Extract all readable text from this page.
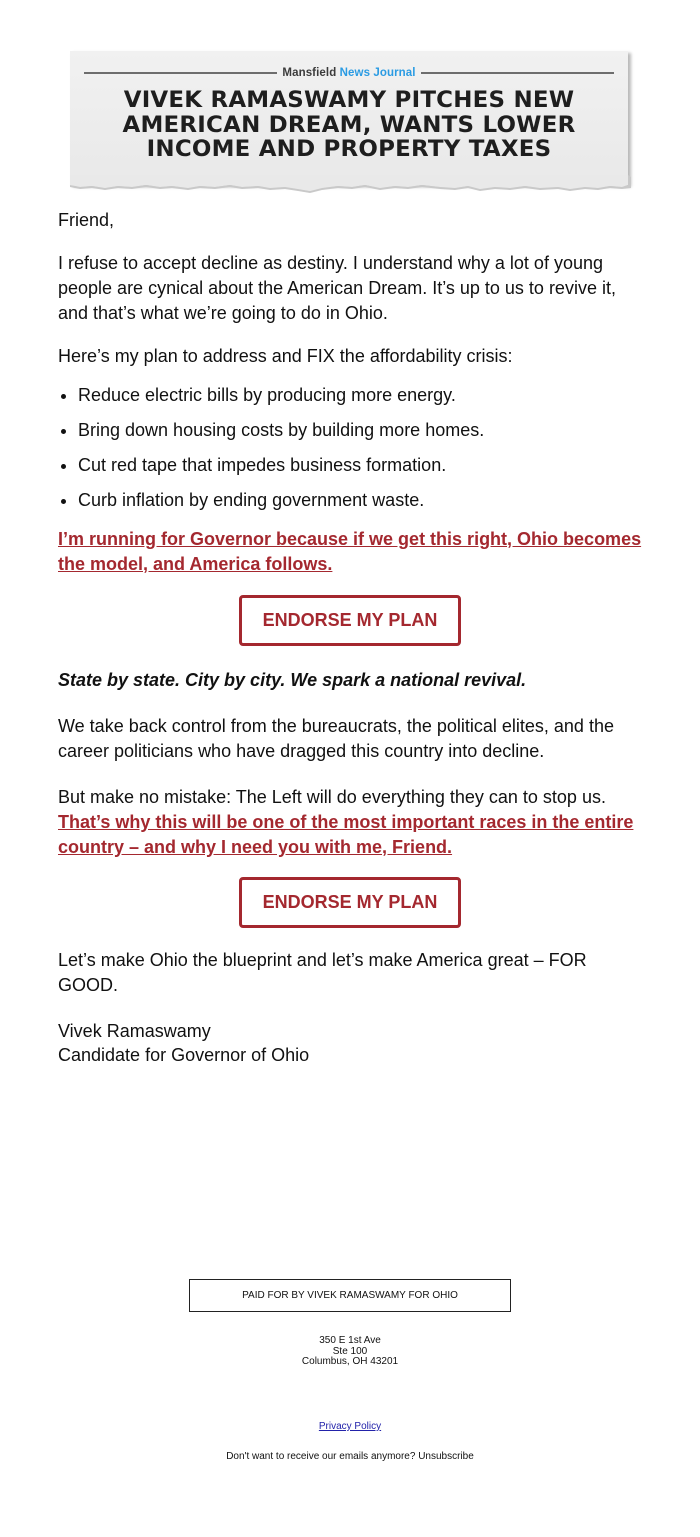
Mansfield News Journal
VIVEK RAMASWAMY PITCHES NEW
AMERICAN DREAM, WANTS LOWER
INCOME AND PROPERTY TAXES

Friend,

I refuse to accept decline as destiny. I understand why a lot of young people are cynical about the American Dream. It’s up to us to revive it, and that’s what we’re going to do in Ohio.

Here’s my plan to address and FIX the affordability crisis:

• Reduce electric bills by producing more energy.
• Bring down housing costs by building more homes.
• Cut red tape that impedes business formation.
• Curb inflation by ending government waste.

I’m running for Governor because if we get this right, Ohio becomes the model, and America follows.

ENDORSE MY PLAN

State by state. City by city. We spark a national revival.

We take back control from the bureaucrats, the political elites, and the career politicians who have dragged this country into decline.

But make no mistake: The Left will do everything they can to stop us. That’s why this will be one of the most important races in the entire country – and why I need you with me, Friend.

ENDORSE MY PLAN

Let’s make Ohio the blueprint and let’s make America great – FOR GOOD.

Vivek Ramaswamy
Candidate for Governor of Ohio

PAID FOR BY VIVEK RAMASWAMY FOR OHIO
350 E 1st Ave
Ste 100
Columbus, OH 43201
Privacy Policy
Don't want to receive our emails anymore? Unsubscribe
